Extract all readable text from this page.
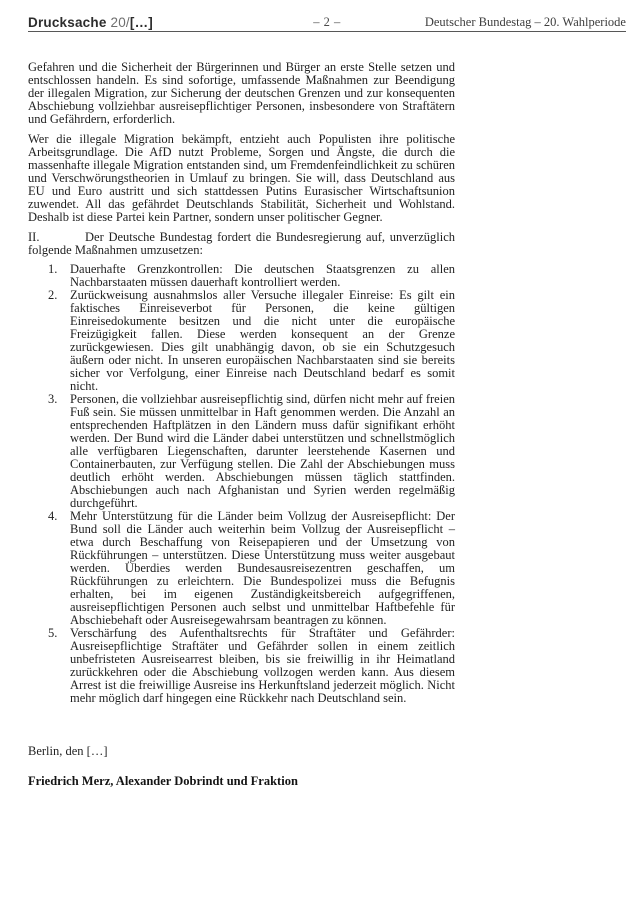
Drucksache 20/[…]	– 2 –	Deutscher Bundestag – 20. Wahlperiode

Gefahren und die Sicherheit der Bürgerinnen und Bürger an erste Stelle setzen und entschlossen handeln. Es sind sofortige, umfassende Maßnahmen zur Beendigung der illegalen Migration, zur Sicherung der deutschen Grenzen und zur konsequenten Abschiebung vollziehbar ausreisepflichtiger Personen, insbesondere von Straftätern und Gefährdern, erforderlich.

Wer die illegale Migration bekämpft, entzieht auch Populisten ihre politische Arbeitsgrundlage. Die AfD nutzt Probleme, Sorgen und Ängste, die durch die massenhafte illegale Migration entstanden sind, um Fremdenfeindlichkeit zu schüren und Verschwörungstheorien in Umlauf zu bringen. Sie will, dass Deutschland aus EU und Euro austritt und sich stattdessen Putins Eurasischer Wirtschaftsunion zuwendet. All das gefährdet Deutschlands Stabilität, Sicherheit und Wohlstand. Deshalb ist diese Partei kein Partner, sondern unser politischer Gegner.

II.	Der Deutsche Bundestag fordert die Bundesregierung auf, unverzüglich folgende Maßnahmen umzusetzen:

1.	Dauerhafte Grenzkontrollen: Die deutschen Staatsgrenzen zu allen Nachbarstaaten müssen dauerhaft kontrolliert werden.
2.	Zurückweisung ausnahmslos aller Versuche illegaler Einreise: Es gilt ein faktisches Einreiseverbot für Personen, die keine gültigen Einreisedokumente besitzen und die nicht unter die europäische Freizügigkeit fallen. Diese werden konsequent an der Grenze zurückgewiesen. Dies gilt unabhängig davon, ob sie ein Schutzgesuch äußern oder nicht. In unseren europäischen Nachbarstaaten sind sie bereits sicher vor Verfolgung, einer Einreise nach Deutschland bedarf es somit nicht.
3.	Personen, die vollziehbar ausreisepflichtig sind, dürfen nicht mehr auf freien Fuß sein. Sie müssen unmittelbar in Haft genommen werden. Die Anzahl an entsprechenden Haftplätzen in den Ländern muss dafür signifikant erhöht werden. Der Bund wird die Länder dabei unterstützen und schnellstmöglich alle verfügbaren Liegenschaften, darunter leerstehende Kasernen und Containerbauten, zur Verfügung stellen. Die Zahl der Abschiebungen muss deutlich erhöht werden. Abschiebungen müssen täglich stattfinden. Abschiebungen auch nach Afghanistan und Syrien werden regelmäßig durchgeführt.
4.	Mehr Unterstützung für die Länder beim Vollzug der Ausreisepflicht: Der Bund soll die Länder auch weiterhin beim Vollzug der Ausreisepflicht – etwa durch Beschaffung von Reisepapieren und der Umsetzung von Rückführungen – unterstützen. Diese Unterstützung muss weiter ausgebaut werden. Überdies werden Bundesausreisezentren geschaffen, um Rückführungen zu erleichtern. Die Bundespolizei muss die Befugnis erhalten, bei im eigenen Zuständigkeitsbereich aufgegriffenen, ausreisepflichtigen Personen auch selbst und unmittelbar Haftbefehle für Abschiebehaft oder Ausreisegewahrsam beantragen zu können.
5.	Verschärfung des Aufenthaltsrechts für Straftäter und Gefährder: Ausreisepflichtige Straftäter und Gefährder sollen in einem zeitlich unbefristeten Ausreisearrest bleiben, bis sie freiwillig in ihr Heimatland zurückkehren oder die Abschiebung vollzogen werden kann. Aus diesem Arrest ist die freiwillige Ausreise ins Herkunftsland jederzeit möglich. Nicht mehr möglich darf hingegen eine Rückkehr nach Deutschland sein.

Berlin, den […]

Friedrich Merz, Alexander Dobrindt und Fraktion
